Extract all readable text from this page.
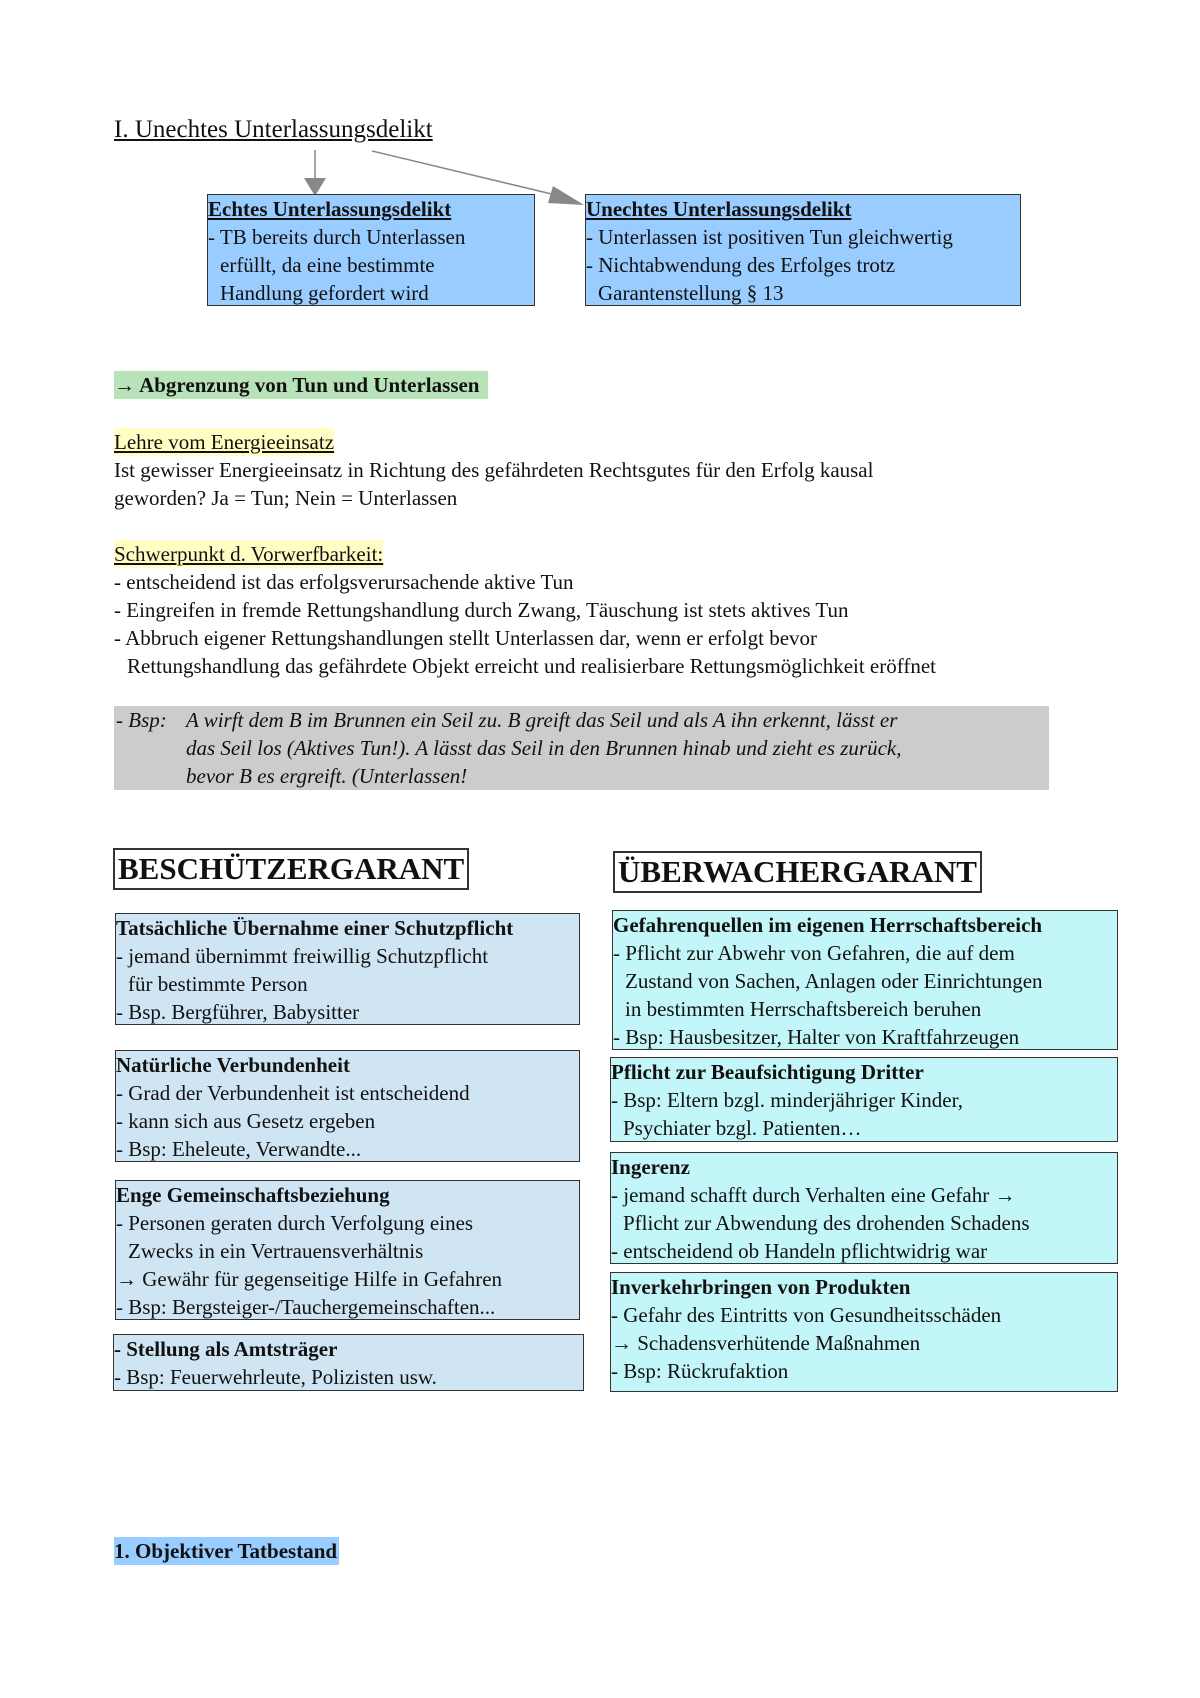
I. Unechtes Unterlassungsdelikt
Echtes Unterlassungsdelikt
- TB bereits durch Unterlassen
erfüllt, da eine bestimmte
Handlung gefordert wird
Unechtes Unterlassungsdelikt
- Unterlassen ist positiven Tun gleichwertig
- Nichtabwendung des Erfolges trotz
Garantenstellung § 13
→ Abgrenzung von Tun und Unterlassen
Lehre vom Energieeinsatz
Ist gewisser Energieeinsatz in Richtung des gefährdeten Rechtsgutes für den Erfolg kausal
geworden? Ja = Tun; Nein = Unterlassen
Schwerpunkt d. Vorwerfbarkeit:
- entscheidend ist das erfolgsverursachende aktive Tun
- Eingreifen in fremde Rettungshandlung durch Zwang, Täuschung ist stets aktives Tun
- Abbruch eigener Rettungshandlungen stellt Unterlassen dar, wenn er erfolgt bevor
Rettungshandlung das gefährdete Objekt erreicht und realisierbare Rettungsmöglichkeit eröffnet
- Bsp: A wirft dem B im Brunnen ein Seil zu. B greift das Seil und als A ihn erkennt, lässt er
das Seil los (Aktives Tun!). A lässt das Seil in den Brunnen hinab und zieht es zurück,
bevor B es ergreift. (Unterlassen!
BESCHÜTZERGARANT
Tatsächliche Übernahme einer Schutzpflicht
- jemand übernimmt freiwillig Schutzpflicht
für bestimmte Person
- Bsp. Bergführer, Babysitter
Natürliche Verbundenheit
- Grad der Verbundenheit ist entscheidend
- kann sich aus Gesetz ergeben
- Bsp: Eheleute, Verwandte...
Enge Gemeinschaftsbeziehung
- Personen geraten durch Verfolgung eines
Zwecks in ein Vertrauensverhältnis
→ Gewähr für gegenseitige Hilfe in Gefahren
- Bsp: Bergsteiger-/Tauchergemeinschaften...
- Stellung als Amtsträger
- Bsp: Feuerwehrleute, Polizisten usw.
ÜBERWACHERGARANT
Gefahrenquellen im eigenen Herrschaftsbereich
- Pflicht zur Abwehr von Gefahren, die auf dem
Zustand von Sachen, Anlagen oder Einrichtungen
in bestimmten Herrschaftsbereich beruhen
- Bsp: Hausbesitzer, Halter von Kraftfahrzeugen
Pflicht zur Beaufsichtigung Dritter
- Bsp: Eltern bzgl. minderjähriger Kinder,
Psychiater bzgl. Patienten…
Ingerenz
- jemand schafft durch Verhalten eine Gefahr →
Pflicht zur Abwendung des drohenden Schadens
- entscheidend ob Handeln pflichtwidrig war
Inverkehrbringen von Produkten
- Gefahr des Eintritts von Gesundheitsschäden
→ Schadensverhütende Maßnahmen
- Bsp: Rückrufaktion
1. Objektiver Tatbestand
